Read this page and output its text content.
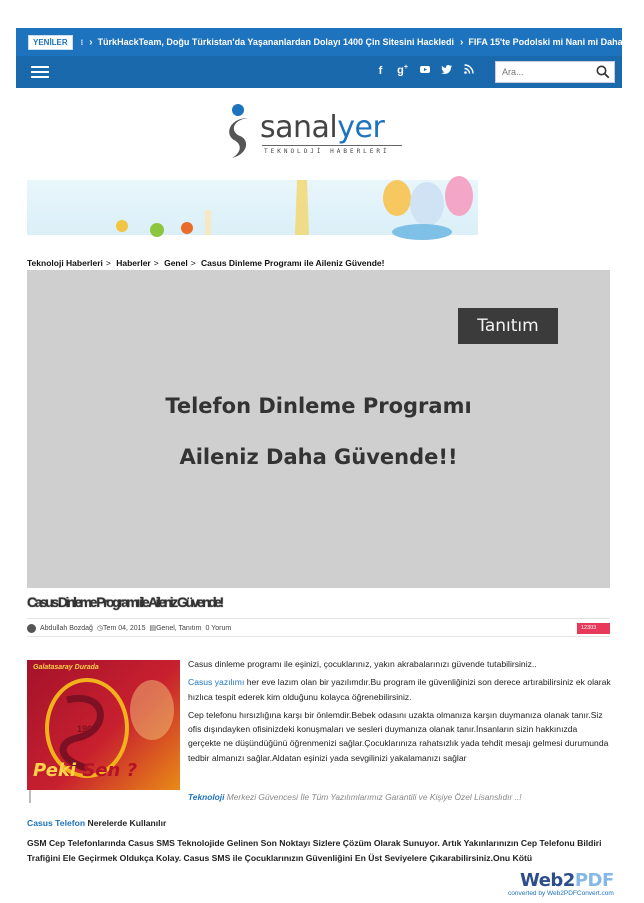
YENİLER	⁝ › TürkHackTeam, Doğu Türkistan'da Yaşananlardan Dolayı 1400 Çin Sitesini Hackledi › FIFA 15'te Podolski mi Nani mi Daha İyi? ›
f	g+
Ara...
sanalyer
TEKNOLOJİ HABERLERİ
Teknoloji Haberleri > Haberler > Genel > Casus Dinleme Programı ile Aileniz Güvende!
Tanıtım
Telefon Dinleme Programı
Aileniz Daha Güvende!!
Casus Dinleme Programı ile Aileniz Güvende!
Abdullah Bozdağ ◷ Tem 04, 2015 ▤ Genel, Tanıtım 0 Yorum	12303
Galatasaray Durada
1905
Peki Sen ?

Casus dinleme programı ile eşinizi, çocuklarınız, yakın akrabalarınızı güvende tutabilirsiniz..

Casus yazılımı her eve lazım olan bir yazılımdır.Bu program ile güvenliğinizi son derece artırabilirsiniz ek olarak hızlıca tespit ederek kim olduğunu kolayca öğrenebilirsiniz.

Cep telefonu hırsızlığına karşı bir önlemdir.Bebek odasını uzakta olmanıza karşın duymanıza olanak tanır.Siz ofis dışındayken ofisinizdeki konuşmaları ve sesleri duymanıza olanak tanır.İnsanların sizin hakkınızda gerçekte ne düşündüğünü öğrenmenizi sağlar.Çocuklarınıza rahatsızlık yada tehdit mesajı gelmesi durumunda tedbir almanızı sağlar.Aldatan eşinizi yada sevgilinizi yakalamanızı sağlar

Teknoloji Merkezi Güvencesi İle Tüm Yazılımlarımız Garantili ve Kişiye Özel Lisanslıdır ..!
Casus Telefon Nerelerde Kullanılır
GSM Cep Telefonlarında Casus SMS Teknolojide Gelinen Son Noktayı Sizlere Çözüm Olarak Sunuyor. Artık Yakınlarınızın Cep Telefonu Bildiri Trafiğini Ele Geçirmek Oldukça Kolay. Casus SMS ile Çocuklarınızın Güvenliğini En Üst Seviyelere Çıkarabilirsiniz.Onu Kötü
Web2PDF
converted by Web2PDFConvert.com
